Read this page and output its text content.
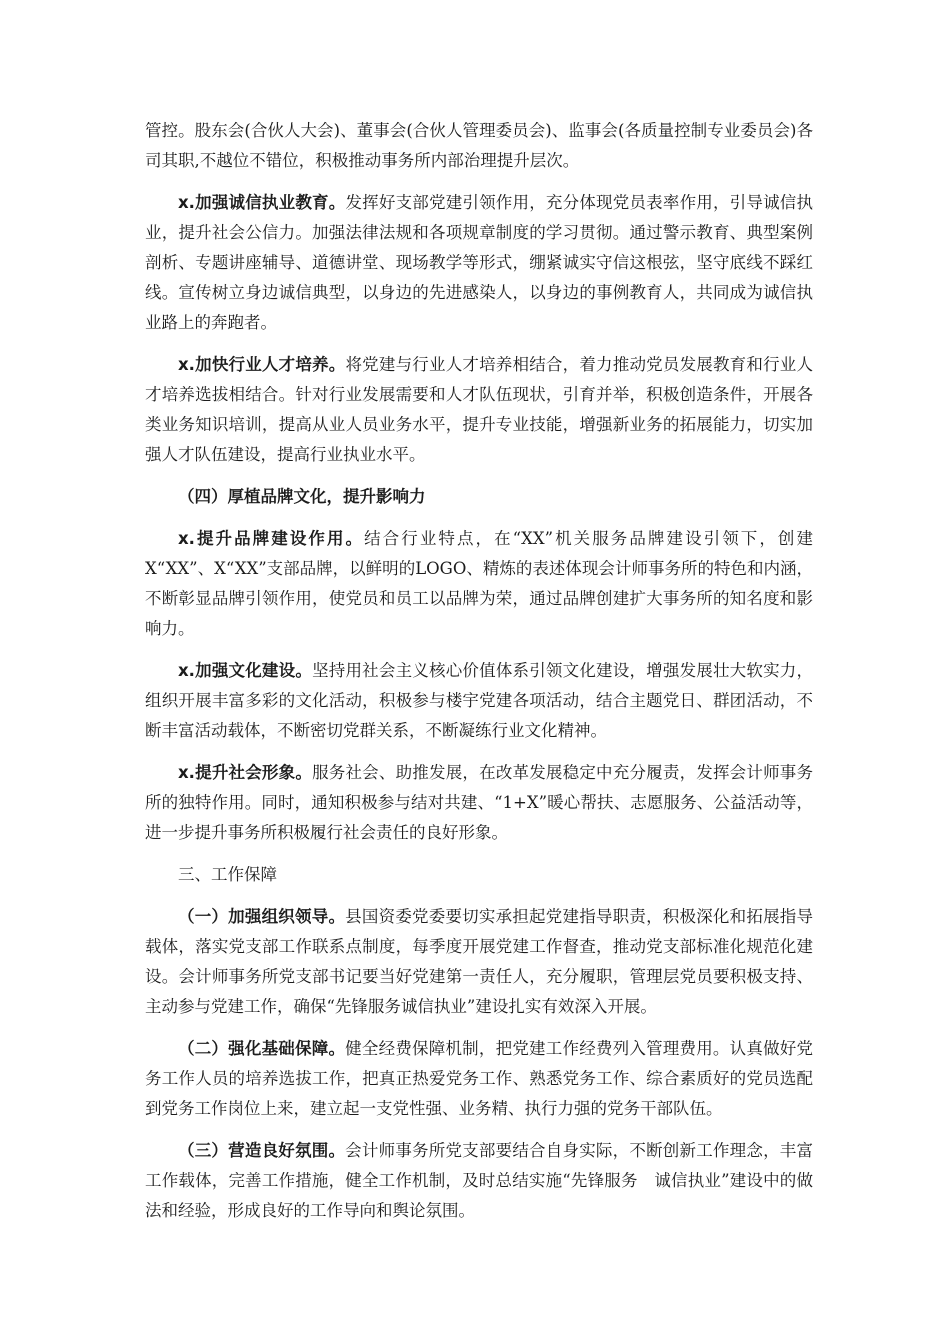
管控。股东会(合伙人大会)、董事会(合伙人管理委员会)、监事会(各质量控制专业委员会)各司其职,不越位不错位，积极推动事务所内部治理提升层次。

x.加强诚信执业教育。发挥好支部党建引领作用，充分体现党员表率作用，引导诚信执业，提升社会公信力。加强法律法规和各项规章制度的学习贯彻。通过警示教育、典型案例剖析、专题讲座辅导、道德讲堂、现场教学等形式，绷紧诚实守信这根弦，坚守底线不踩红线。宣传树立身边诚信典型，以身边的先进感染人，以身边的事例教育人，共同成为诚信执业路上的奔跑者。

x.加快行业人才培养。将党建与行业人才培养相结合，着力推动党员发展教育和行业人才培养选拔相结合。针对行业发展需要和人才队伍现状，引育并举，积极创造条件，开展各类业务知识培训，提高从业人员业务水平，提升专业技能，增强新业务的拓展能力，切实加强人才队伍建设，提高行业执业水平。

（四）厚植品牌文化，提升影响力

x.提升品牌建设作用。结合行业特点，在“XX”机关服务品牌建设引领下，创建X“XX”、X“XX”支部品牌，以鲜明的LOGO、精炼的表述体现会计师事务所的特色和内涵，不断彰显品牌引领作用，使党员和员工以品牌为荣，通过品牌创建扩大事务所的知名度和影响力。

x.加强文化建设。坚持用社会主义核心价值体系引领文化建设，增强发展壮大软实力，组织开展丰富多彩的文化活动，积极参与楼宇党建各项活动，结合主题党日、群团活动，不断丰富活动载体，不断密切党群关系，不断凝练行业文化精神。

x.提升社会形象。服务社会、助推发展，在改革发展稳定中充分履责，发挥会计师事务所的独特作用。同时，通知积极参与结对共建、“1+X”暖心帮扶、志愿服务、公益活动等，进一步提升事务所积极履行社会责任的良好形象。

三、工作保障

（一）加强组织领导。县国资委党委要切实承担起党建指导职责，积极深化和拓展指导载体，落实党支部工作联系点制度，每季度开展党建工作督查，推动党支部标准化规范化建设。会计师事务所党支部书记要当好党建第一责任人，充分履职，管理层党员要积极支持、主动参与党建工作，确保“先锋服务诚信执业”建设扎实有效深入开展。

（二）强化基础保障。健全经费保障机制，把党建工作经费列入管理费用。认真做好党务工作人员的培养选拔工作，把真正热爱党务工作、熟悉党务工作、综合素质好的党员选配到党务工作岗位上来，建立起一支党性强、业务精、执行力强的党务干部队伍。

（三）营造良好氛围。会计师事务所党支部要结合自身实际，不断创新工作理念，丰富工作载体，完善工作措施，健全工作机制，及时总结实施“先锋服务　诚信执业”建设中的做法和经验，形成良好的工作导向和舆论氛围。
